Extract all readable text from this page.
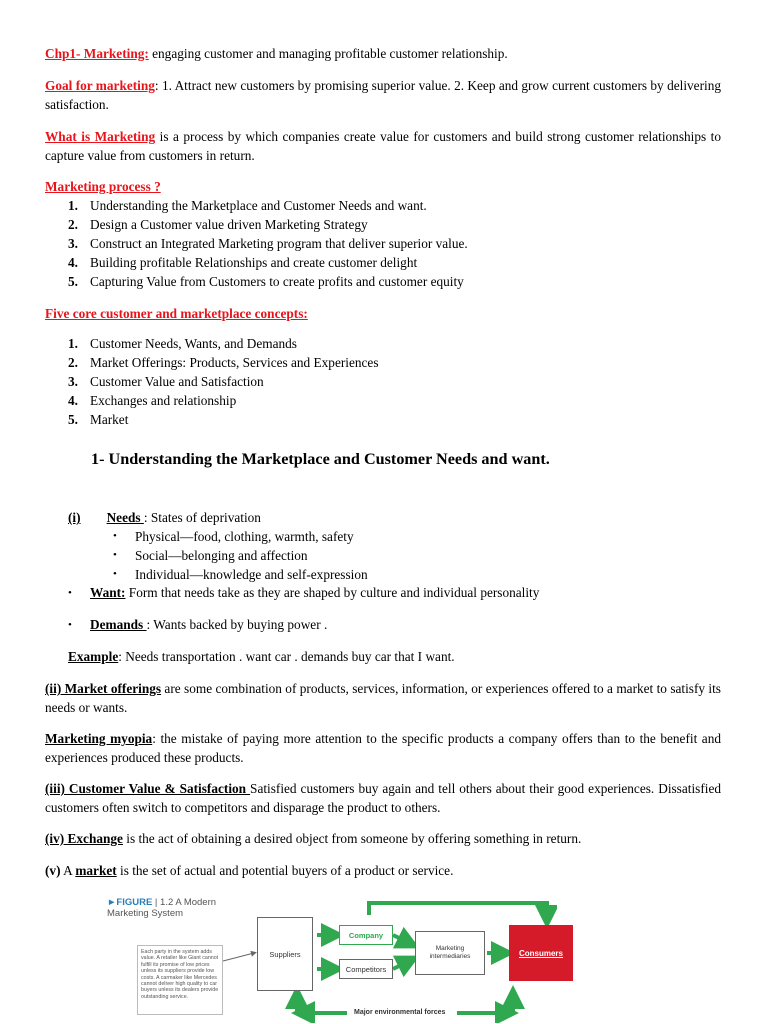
Chp1- Marketing: engaging customer and managing profitable customer relationship.

Goal for marketing: 1. Attract new customers by promising superior value. 2. Keep and grow current customers by delivering satisfaction.

What is Marketing is a process by which companies create value for customers and build strong customer relationships to capture value from customers in return.

Marketing process ?

1. Understanding the Marketplace and Customer Needs and want.
2. Design a Customer value driven Marketing Strategy
3. Construct an Integrated Marketing program that deliver superior value.
4. Building profitable Relationships and create customer delight
5. Capturing Value from Customers to create profits and customer equity

Five core customer and marketplace concepts:

1. Customer Needs, Wants, and Demands
2. Market Offerings: Products, Services and Experiences
3. Customer Value and Satisfaction
4. Exchanges and relationship
5. Market
1- Understanding the Marketplace and Customer Needs and want.
(i) Needs : States of deprivation
• Physical—food, clothing, warmth, safety
• Social—belonging and affection
• Individual—knowledge and self-expression
• Want: Form that needs take as they are shaped by culture and individual personality
• Demands : Wants backed by buying power .
Example: Needs transportation . want car . demands buy car that I want.

(ii) Market offerings are some combination of products, services, information, or experiences offered to a market to satisfy its needs or wants.

Marketing myopia: the mistake of paying more attention to the specific products a company offers than to the benefit and experiences produced these products.

(iii) Customer Value & Satisfaction Satisfied customers buy again and tell others about their good experiences. Dissatisfied customers often switch to competitors and disparage the product to others.

(iv) Exchange is the act of obtaining a desired object from someone by offering something in return.

(v) A market is the set of actual and potential buyers of a product or service.

►FIGURE | 1.2 A Modern
Marketing System
Each party in the system adds value. A retailer like Giant cannot fulfill its promise of low prices unless its suppliers provide low costs. A carmaker like Mercedes cannot deliver high quality to car buyers unless its dealers provide outstanding service.
Suppliers
Company
Competitors
Marketing intermediaries	Consumers
Major environmental forces
